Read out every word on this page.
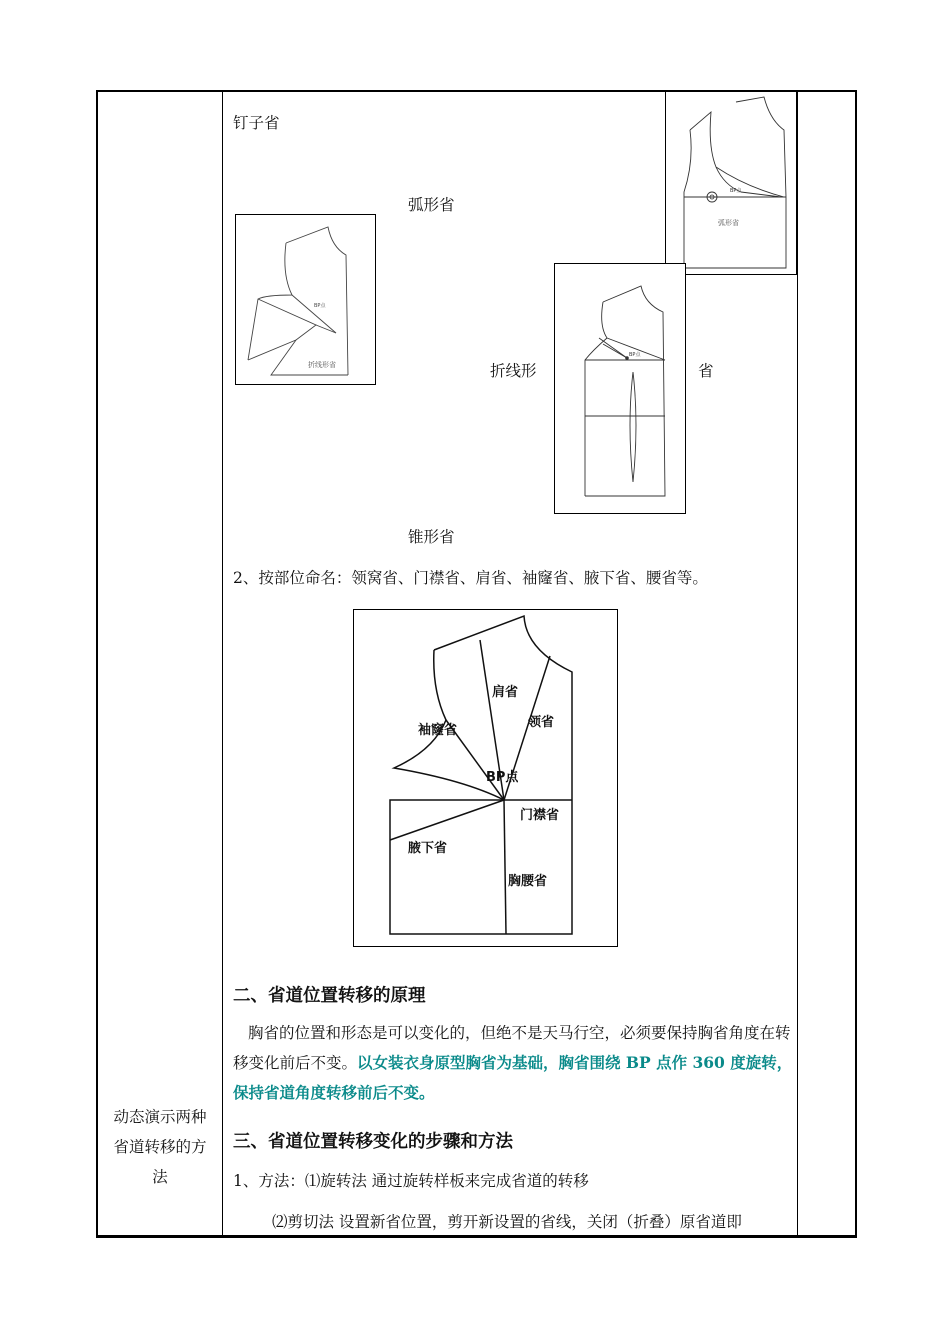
动态演示两种省道转移的方法
钉子省
弧形省
折线形	省
锥形省
BP点
弧形省
BP点
折线形省
BP点
2、按部位命名：领窝省、门襟省、肩省、袖窿省、腋下省、腰省等。
肩省
领省
袖窿省
BP点
门襟省
腋下省
胸腰省
二、省道位置转移的原理
胸省的位置和形态是可以变化的，但绝不是天马行空，必须要保持胸省角度在转移变化前后不变。以女装衣身原型胸省为基础，胸省围绕 BP 点作 360 度旋转，保持省道角度转移前后不变。
三、省道位置转移变化的步骤和方法
1、方法：⑴旋转法 通过旋转样板来完成省道的转移
⑵剪切法 设置新省位置，剪开新设置的省线，关闭（折叠）原省道即
